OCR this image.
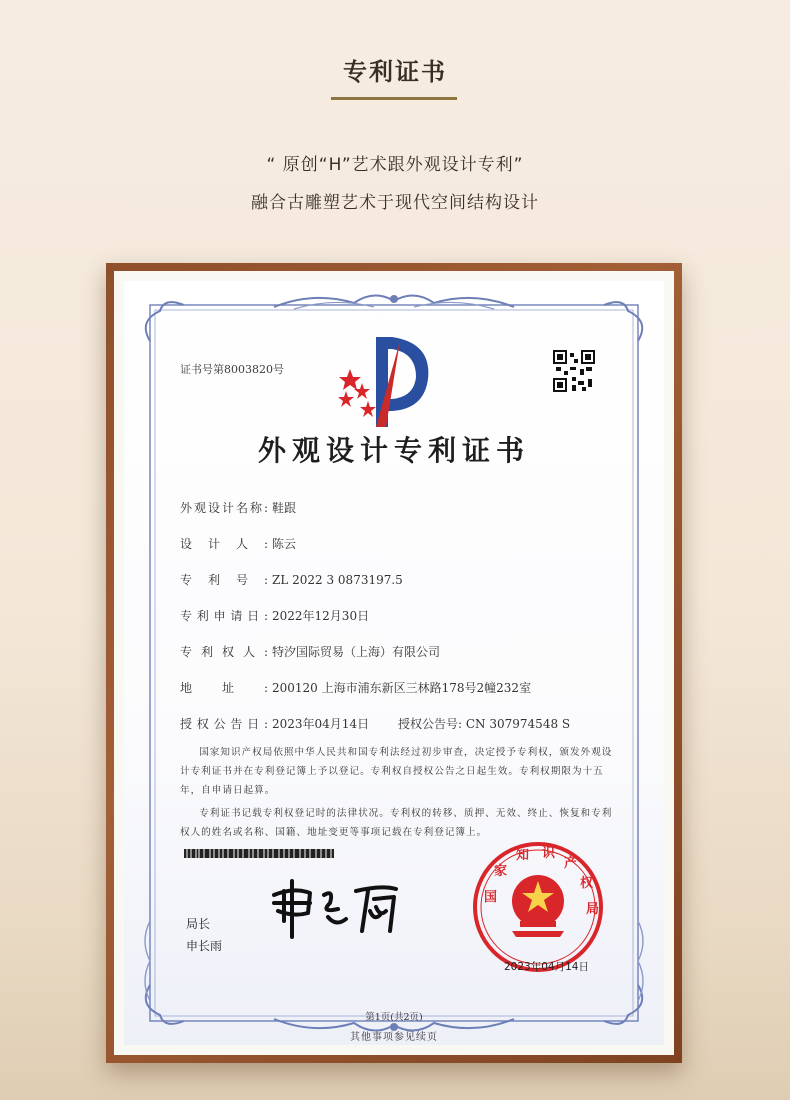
专利证书
“ 原创“H”艺术跟外观设计专利”
融合古雕塑艺术于现代空间结构设计
国
家
知 识
产
权
局
证书号第8003820号
外观设计专利证书
外观设计名称: 鞋跟
设计人: 陈云
专利号: ZL 2022 3 0873197.5
专利申请日: 2022年12月30日
专利权人: 特汐国际贸易（上海）有限公司
地址: 200120 上海市浦东新区三林路178号2幢232室
授权公告日: 2023年04月14日 授权公告号: CN 307974548 S
国家知识产权局依照中华人民共和国专利法经过初步审查，决定授予专利权，颁发外观设计专利证书并在专利登记簿上予以登记。专利权自授权公告之日起生效。专利权期限为十五年，自申请日起算。
专利证书记载专利权登记时的法律状况。专利权的转移、质押、无效、终止、恢复和专利权人的姓名或名称、国籍、地址变更等事项记载在专利登记簿上。
局长
申长雨
2023年04月14日
第1页(共2页)
其他事项参见续页
